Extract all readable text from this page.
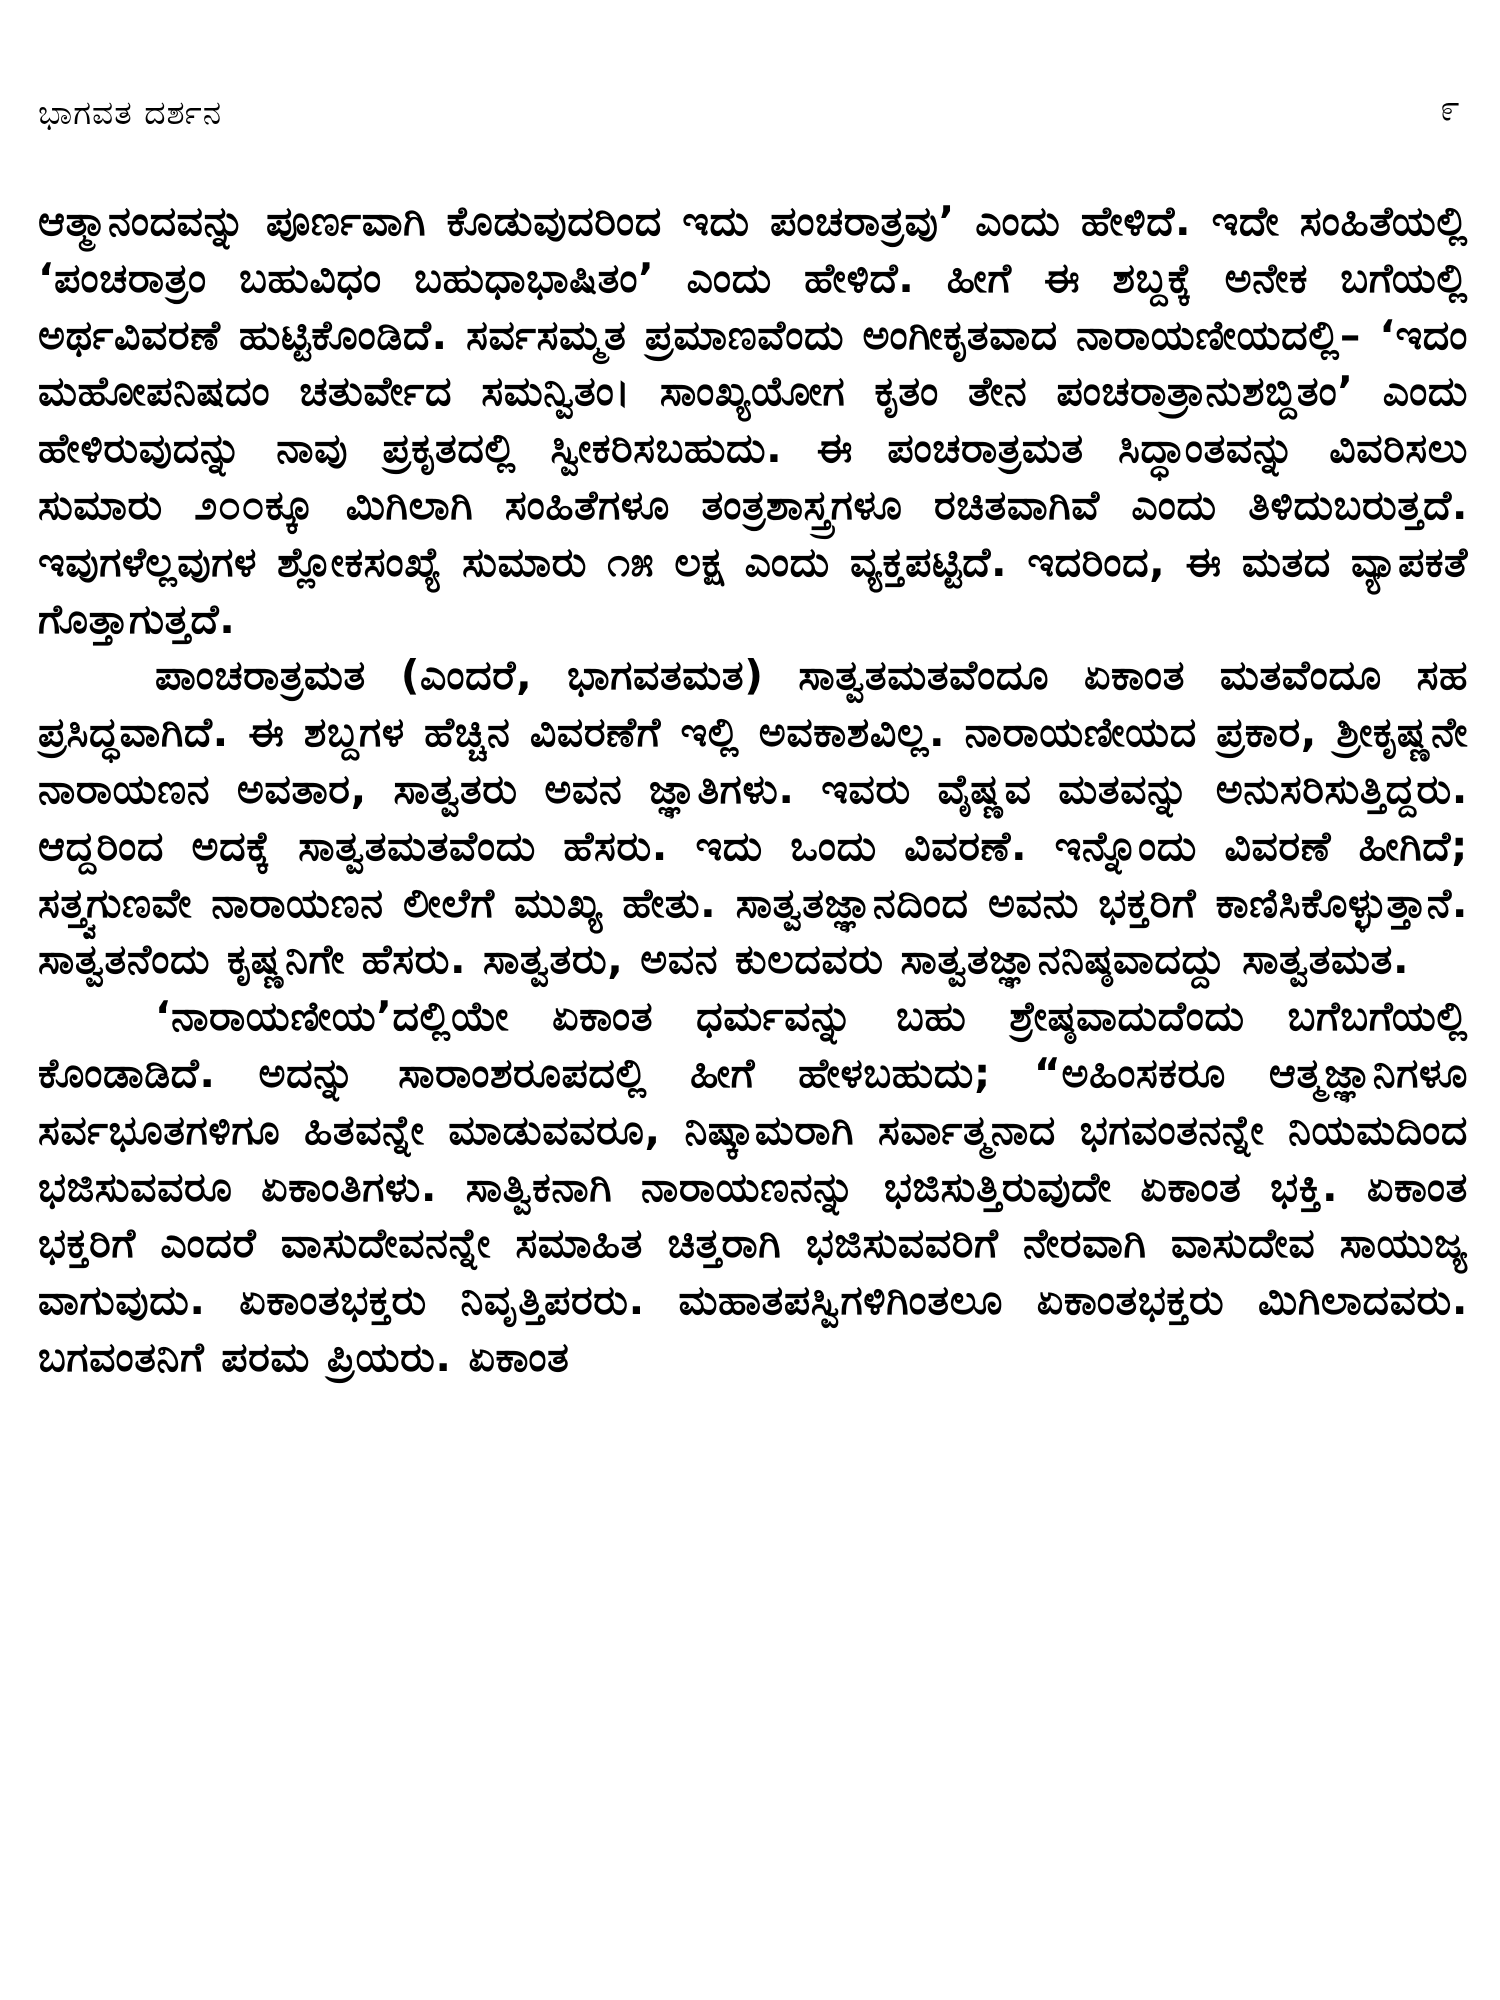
ಭಾಗವತ ದರ್ಶನ	೯

ಆತ್ಮಾನಂದವನ್ನು ಪೂರ್ಣವಾಗಿ ಕೊಡುವುದರಿಂದ ಇದು ಪಂಚರಾತ್ರವು’ ಎಂದು ಹೇಳಿದೆ. ಇದೇ ಸಂಹಿತೆಯಲ್ಲಿ ‘ಪಂಚರಾತ್ರಂ ಬಹುವಿಧಂ ಬಹುಧಾಭಾಷಿತಂ’ ಎಂದು ಹೇಳಿದೆ. ಹೀಗೆ ಈ ಶಬ್ದಕ್ಕೆ ಅನೇಕ ಬಗೆಯಲ್ಲಿ ಅರ್ಥವಿವರಣೆ ಹುಟ್ಟಿಕೊಂಡಿದೆ. ಸರ್ವಸಮ್ಮತ ಪ್ರಮಾಣವೆಂದು ಅಂಗೀಕೃತವಾದ ನಾರಾಯಣೀಯದಲ್ಲಿ– ‘ಇದಂ ಮಹೋಪನಿಷದಂ ಚತುರ್ವೇದ ಸಮನ್ವಿತಂ। ಸಾಂಖ್ಯಯೋಗ ಕೃತಂ ತೇನ ಪಂಚರಾತ್ರಾನುಶಬ್ದಿತಂ’ ಎಂದು ಹೇಳಿರುವುದನ್ನು ನಾವು ಪ್ರಕೃತದಲ್ಲಿ ಸ್ವೀಕರಿಸಬಹುದು. ಈ ಪಂಚರಾತ್ರಮತ ಸಿದ್ಧಾಂತವನ್ನು ವಿವರಿಸಲು ಸುಮಾರು ೨೦೦ಕ್ಕೂ ಮಿಗಿಲಾಗಿ ಸಂಹಿತೆಗಳೂ ತಂತ್ರಶಾಸ್ತ್ರಗಳೂ ರಚಿತವಾಗಿವೆ ಎಂದು ತಿಳಿದುಬರುತ್ತದೆ. ಇವುಗಳೆಲ್ಲವುಗಳ ಶ್ಲೋಕಸಂಖ್ಯೆ ಸುಮಾರು ೧೫ ಲಕ್ಷ ಎಂದು ವ್ಯಕ್ತಪಟ್ಟಿದೆ. ಇದರಿಂದ, ಈ ಮತದ ವ್ಯಾಪಕತೆ ಗೊತ್ತಾಗುತ್ತದೆ.

ಪಾಂಚರಾತ್ರಮತ (ಎಂದರೆ, ಭಾಗವತಮತ) ಸಾತ್ವತಮತವೆಂದೂ ಏಕಾಂತ ಮತವೆಂದೂ ಸಹ ಪ್ರಸಿದ್ಧವಾಗಿದೆ. ಈ ಶಬ್ದಗಳ ಹೆಚ್ಚಿನ ವಿವರಣೆಗೆ ಇಲ್ಲಿ ಅವಕಾಶವಿಲ್ಲ. ನಾರಾಯಣೀಯದ ಪ್ರಕಾರ, ಶ್ರೀಕೃಷ್ಣನೇ ನಾರಾಯಣನ ಅವತಾರ, ಸಾತ್ವತರು ಅವನ ಜ್ಞಾತಿಗಳು. ಇವರು ವೈಷ್ಣವ ಮತವನ್ನು ಅನುಸರಿಸುತ್ತಿದ್ದರು. ಆದ್ದರಿಂದ ಅದಕ್ಕೆ ಸಾತ್ವತಮತವೆಂದು ಹೆಸರು. ಇದು ಒಂದು ವಿವರಣೆ. ಇನ್ನೊಂದು ವಿವರಣೆ ಹೀಗಿದೆ; ಸತ್ತ್ವಗುಣವೇ ನಾರಾಯಣನ ಲೀಲೆಗೆ ಮುಖ್ಯ ಹೇತು. ಸಾತ್ವತಜ್ಞಾನದಿಂದ ಅವನು ಭಕ್ತರಿಗೆ ಕಾಣಿಸಿಕೊಳ್ಳುತ್ತಾನೆ. ಸಾತ್ವತನೆಂದು ಕೃಷ್ಣನಿಗೇ ಹೆಸರು. ಸಾತ್ವತರು, ಅವನ ಕುಲದವರು ಸಾತ್ವತಜ್ಞಾನನಿಷ್ಠವಾದದ್ದು ಸಾತ್ವತಮತ.

‘ನಾರಾಯಣೀಯ’ದಲ್ಲಿಯೇ ಏಕಾಂತ ಧರ್ಮವನ್ನು ಬಹು ಶ್ರೇಷ್ಠವಾದುದೆಂದು ಬಗೆಬಗೆಯಲ್ಲಿ ಕೊಂಡಾಡಿದೆ. ಅದನ್ನು ಸಾರಾಂಶರೂಪದಲ್ಲಿ ಹೀಗೆ ಹೇಳಬಹುದು; “ಅಹಿಂಸಕರೂ ಆತ್ಮಜ್ಞಾನಿಗಳೂ ಸರ್ವಭೂತಗಳಿಗೂ ಹಿತವನ್ನೇ ಮಾಡುವವರೂ, ನಿಷ್ಕಾಮರಾಗಿ ಸರ್ವಾತ್ಮನಾದ ಭಗವಂತನನ್ನೇ ನಿಯಮದಿಂದ ಭಜಿಸುವವರೂ ಏಕಾಂತಿಗಳು. ಸಾತ್ವಿಕನಾಗಿ ನಾರಾಯಣನನ್ನು ಭಜಿಸುತ್ತಿರುವುದೇ ಏಕಾಂತ ಭಕ್ತಿ. ಏಕಾಂತ ಭಕ್ತರಿಗೆ ಎಂದರೆ ವಾಸುದೇವನನ್ನೇ ಸಮಾಹಿತ ಚಿತ್ತರಾಗಿ ಭಜಿಸುವವರಿಗೆ ನೇರವಾಗಿ ವಾಸುದೇವ ಸಾಯುಜ್ಯ ವಾಗುವುದು. ಏಕಾಂತಭಕ್ತರು ನಿವೃತ್ತಿಪರರು. ಮಹಾತಪಸ್ವಿಗಳಿಗಿಂತಲೂ ಏಕಾಂತಭಕ್ತರು ಮಿಗಿಲಾದವರು. ಬಗವಂತನಿಗೆ ಪರಮ ಪ್ರಿಯರು. ಏಕಾಂತ
